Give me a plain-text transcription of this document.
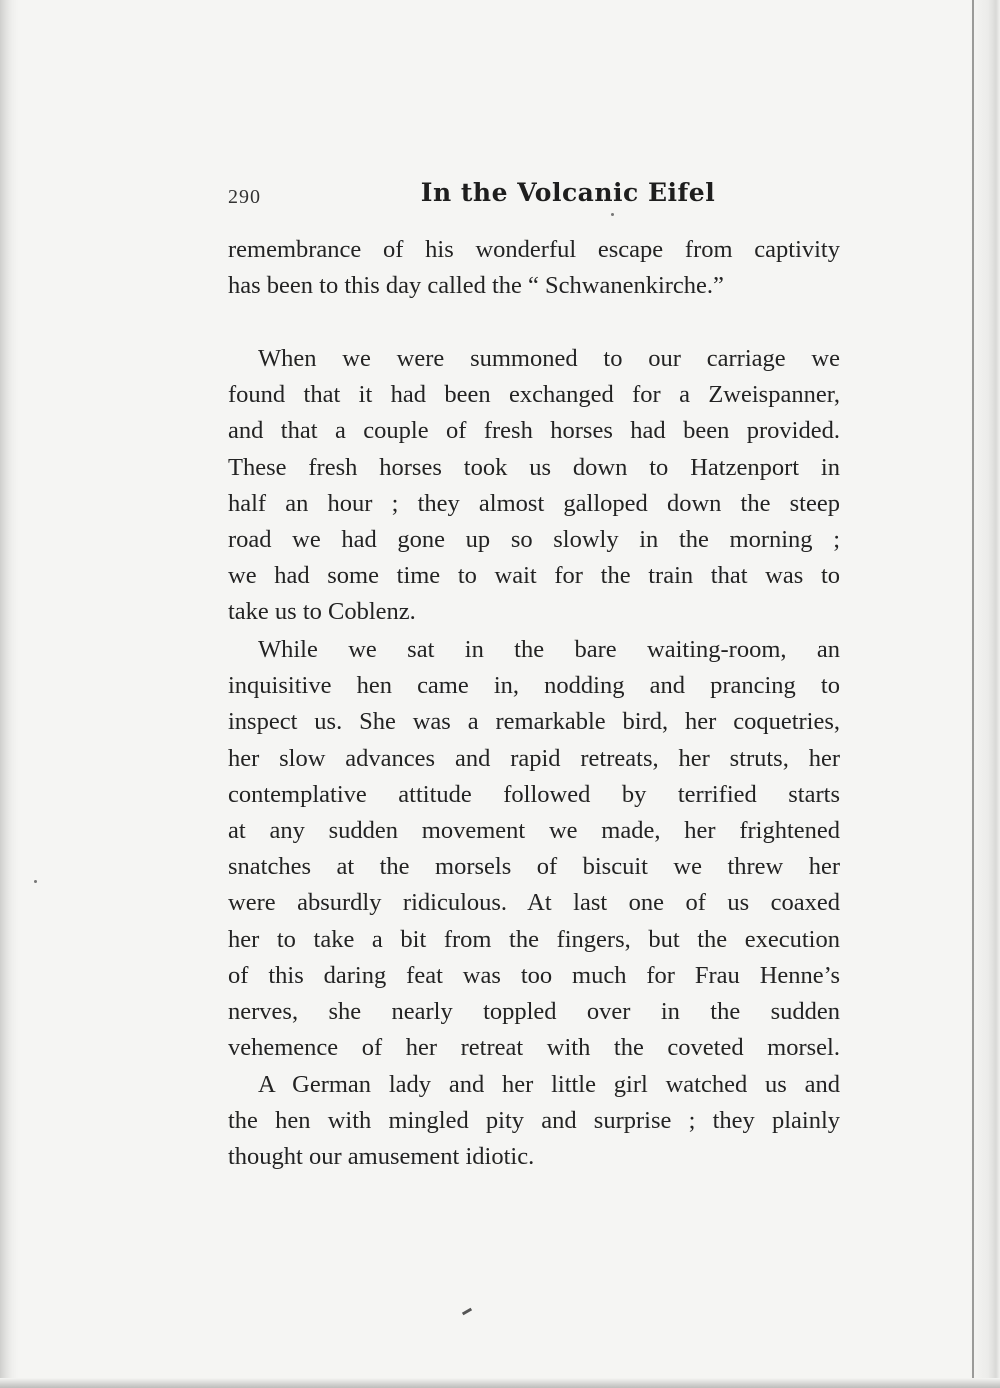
290	In the Volcanic Eifel
remembrance of his wonderful escape from captivity
has been to this day called the “ Schwanenkirche.”
When we were summoned to our carriage we
found that it had been exchanged for a Zweispanner,
and that a couple of fresh horses had been provided.
These fresh horses took us down to Hatzenport in
half an hour ; they almost galloped down the steep
road we had gone up so slowly in the morning ;
we had some time to wait for the train that was to
take us to Coblenz.
While we sat in the bare waiting-room, an
inquisitive hen came in, nodding and prancing to
inspect us. She was a remarkable bird, her coquetries,
her slow advances and rapid retreats, her struts, her
contemplative attitude followed by terrified starts
at any sudden movement we made, her frightened
snatches at the morsels of biscuit we threw her
were absurdly ridiculous. At last one of us coaxed
her to take a bit from the fingers, but the execution
of this daring feat was too much for Frau Henne’s
nerves, she nearly toppled over in the sudden
vehemence of her retreat with the coveted morsel.
A German lady and her little girl watched us and
the hen with mingled pity and surprise ; they plainly
thought our amusement idiotic.
